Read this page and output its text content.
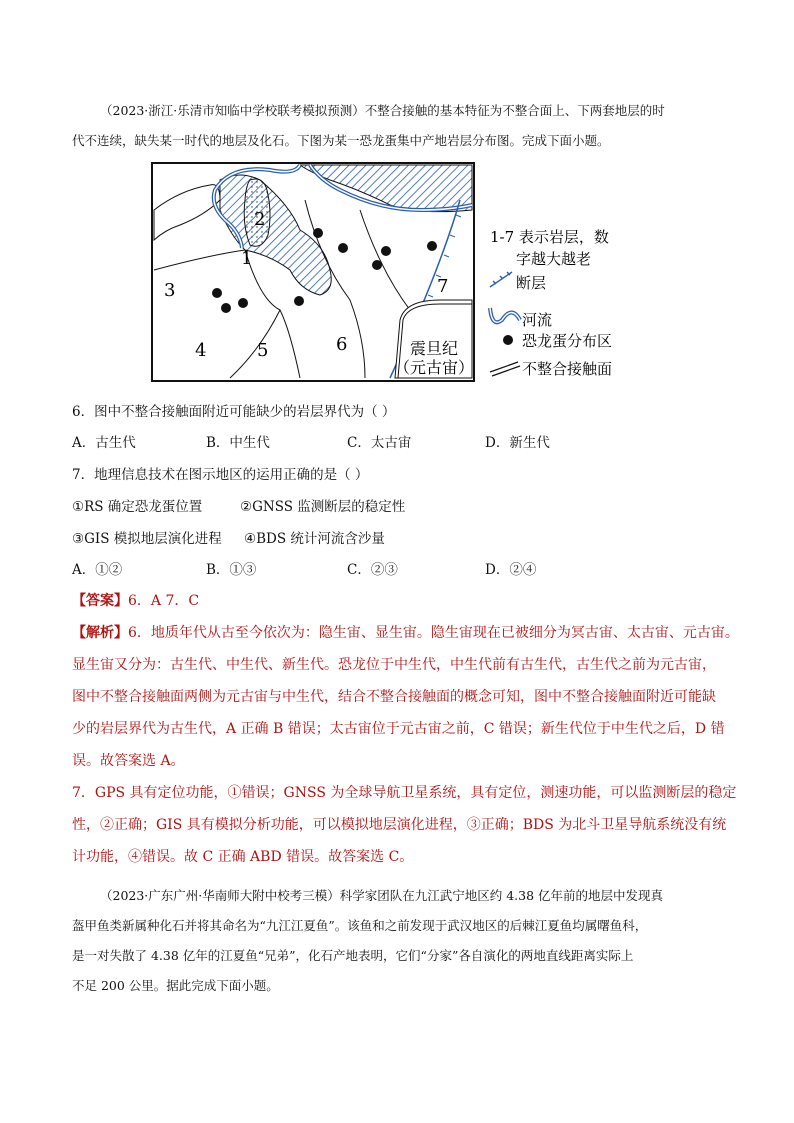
（2023·浙江·乐清市知临中学校联考模拟预测）不整合接触的基本特征为不整合面上、下两套地层的时
代不连续，缺失某一时代的地层及化石。下图为某一恐龙蛋集中产地岩层分布图。完成下面小题。
2
1
3
4	5	6
7
震旦纪
（元古宙）
1-7 表示岩层，数
字越大越老
断层
河流
恐龙蛋分布区
不整合接触面
6．图中不整合接触面附近可能缺少的岩层界代为（ ）
A．古生代	B．中生代	C．太古宙	D．新生代
7．地理信息技术在图示地区的运用正确的是（ ）
①RS 确定恐龙蛋位置	②GNSS 监测断层的稳定性
③GIS 模拟地层演化进程 ④BDS 统计河流含沙量
A．①②	B．①③	C．②③	D．②④
【答案】6．A 7．C
【解析】6．地质年代从古至今依次为：隐生宙、显生宙。隐生宙现在已被细分为冥古宙、太古宙、元古宙。
显生宙又分为：古生代、中生代、新生代。恐龙位于中生代，中生代前有古生代，古生代之前为元古宙，
图中不整合接触面两侧为元古宙与中生代，结合不整合接触面的概念可知，图中不整合接触面附近可能缺
少的岩层界代为古生代，A 正确 B 错误；太古宙位于元古宙之前，C 错误；新生代位于中生代之后，D 错
误。故答案选 A。
7．GPS 具有定位功能，①错误；GNSS 为全球导航卫星系统，具有定位，测速功能，可以监测断层的稳定
性，②正确；GIS 具有模拟分析功能，可以模拟地层演化进程，③正确；BDS 为北斗卫星导航系统没有统
计功能，④错误。故 C 正确 ABD 错误。故答案选 C。
（2023·广东广州·华南师大附中校考三模）科学家团队在九江武宁地区约 4.38 亿年前的地层中发现真
盔甲鱼类新属种化石并将其命名为“九江江夏鱼”。该鱼和之前发现于武汉地区的后棘江夏鱼均属曙鱼科，
是一对失散了 4.38 亿年的江夏鱼“兄弟”，化石产地表明，它们“分家”各自演化的两地直线距离实际上
不足 200 公里。据此完成下面小题。
